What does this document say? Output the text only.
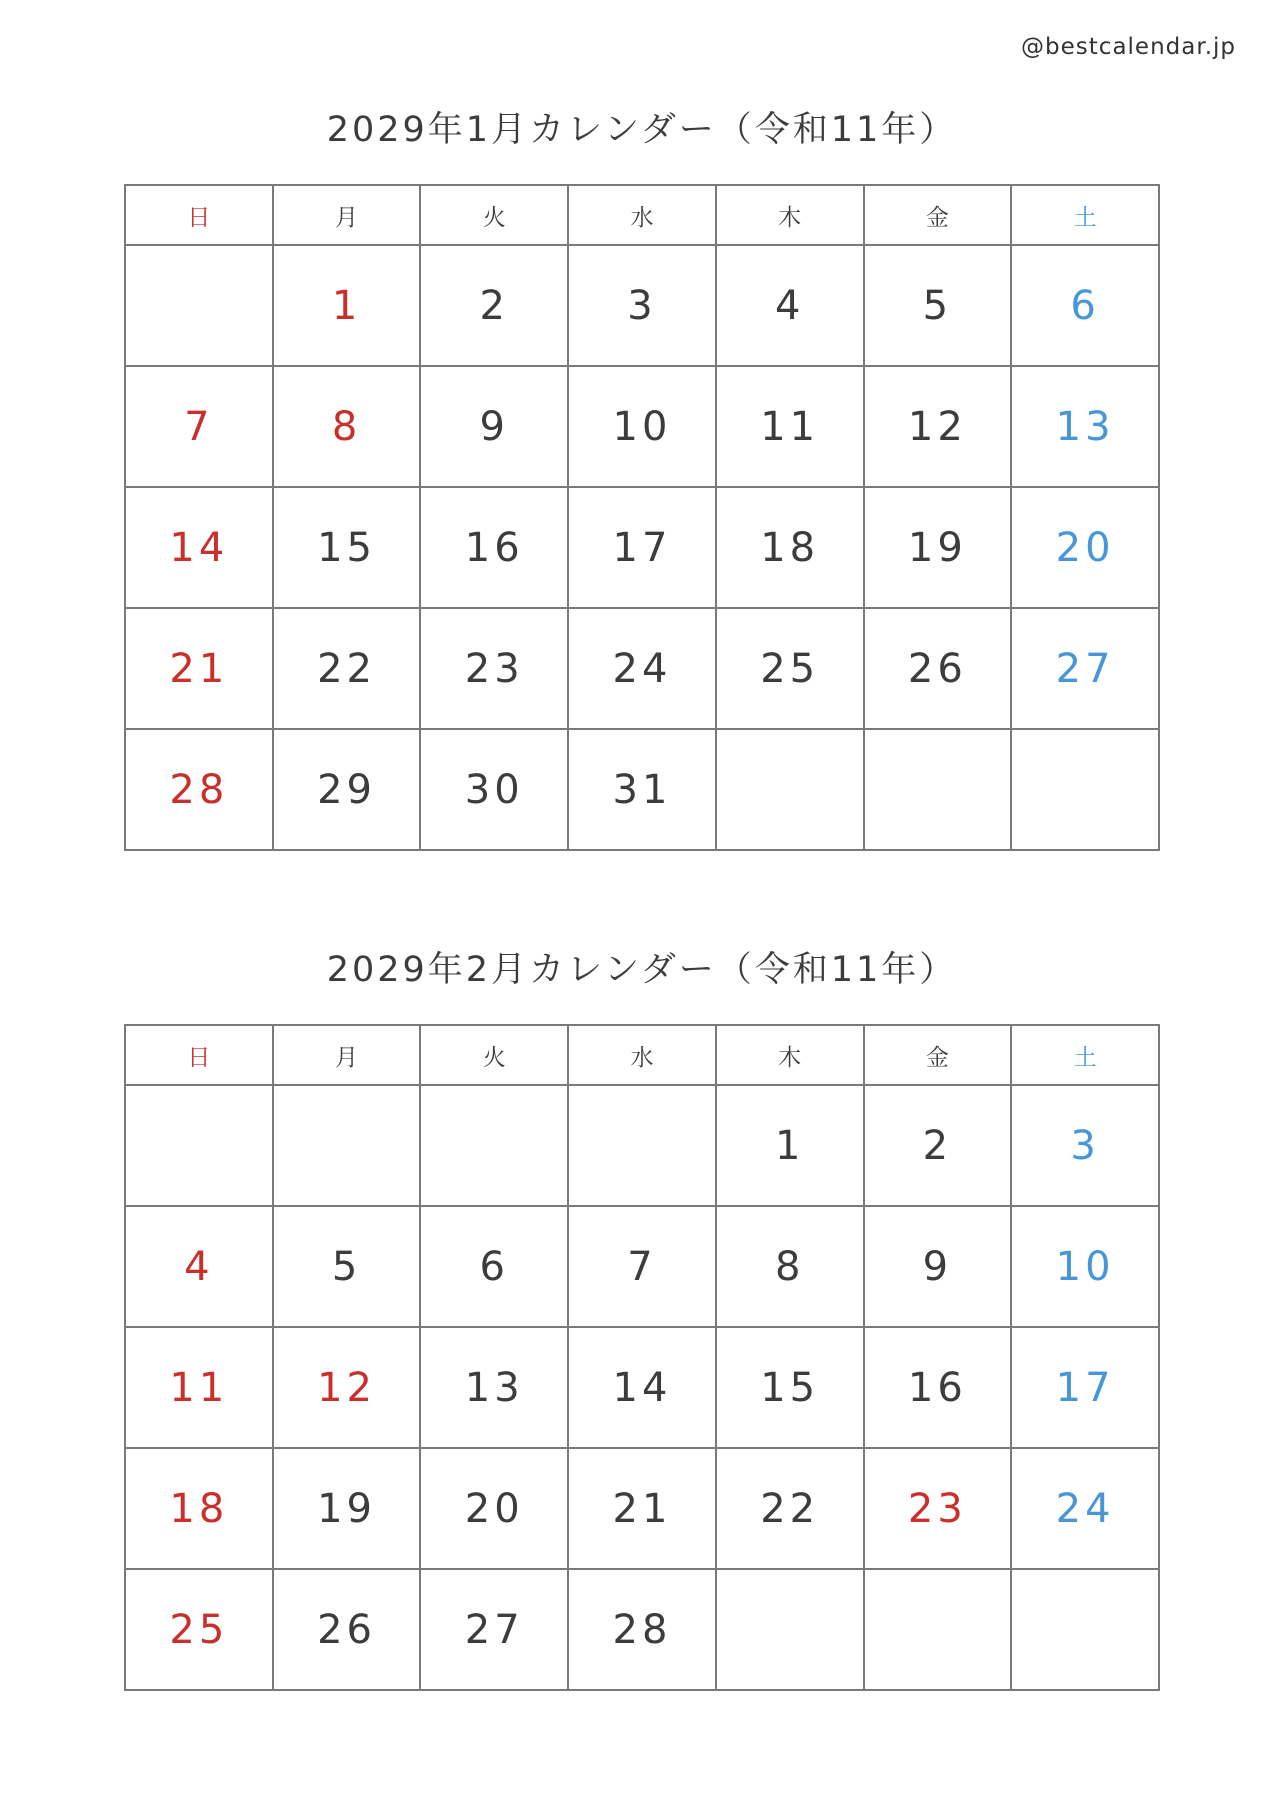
@bestcalendar.jp
2029年1月カレンダー（令和11年）
日	月	火	水	木	金	土
	1	2	3	4	5	6
7	8	9	10	11	12	13
14	15	16	17	18	19	20
21	22	23	24	25	26	27
28	29	30	31			
2029年2月カレンダー（令和11年）
日	月	火	水	木	金	土
				1	2	3
4	5	6	7	8	9	10
11	12	13	14	15	16	17
18	19	20	21	22	23	24
25	26	27	28			
